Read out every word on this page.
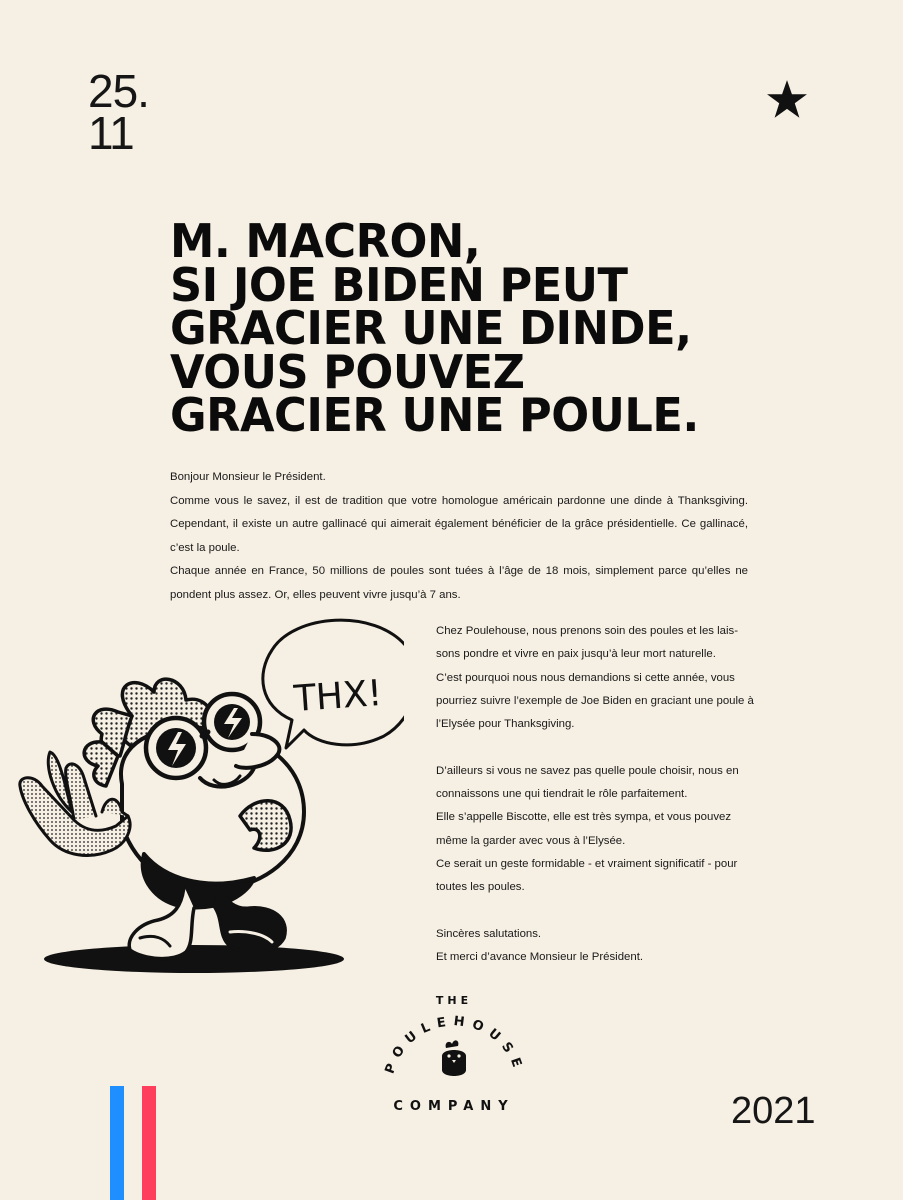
25.
11
M. MACRON,
SI JOE BIDEN PEUT
GRACIER UNE DINDE,
VOUS POUVEZ
GRACIER UNE POULE.

Bonjour Monsieur le Président.

Comme vous le savez, il est de tradition que votre homologue américain pardonne une dinde à Thanksgiving. Cependant, il existe un autre gallinacé qui aimerait également bénéficier de la grâce présidentielle. Ce gallinacé, c’est la poule.

Chaque année en France, 50 millions de poules sont tuées à l’âge de 18 mois, simplement parce qu’elles ne pondent plus assez. Or, elles peuvent vivre jusqu’à 7 ans.

Chez Poulehouse, nous prenons soin des poules et les lais-sons pondre et vivre en paix jusqu’à leur mort naturelle.

C’est pourquoi nous nous demandions si cette année, vous pourriez suivre l’exemple de Joe Biden en graciant une poule à l’Elysée pour Thanksgiving.

D’ailleurs si vous ne savez pas quelle poule choisir, nous en connaissons une qui tiendrait le rôle parfaitement.

Elle s’appelle Biscotte, elle est très sympa, et vous pouvez même la garder avec vous à l’Elysée.

Ce serait un geste formidable - et vraiment significatif - pour toutes les poules.

Sincères salutations.

Et merci d’avance Monsieur le Président.

THX!
THE
POULEHOUSE
COMPANY	2021
